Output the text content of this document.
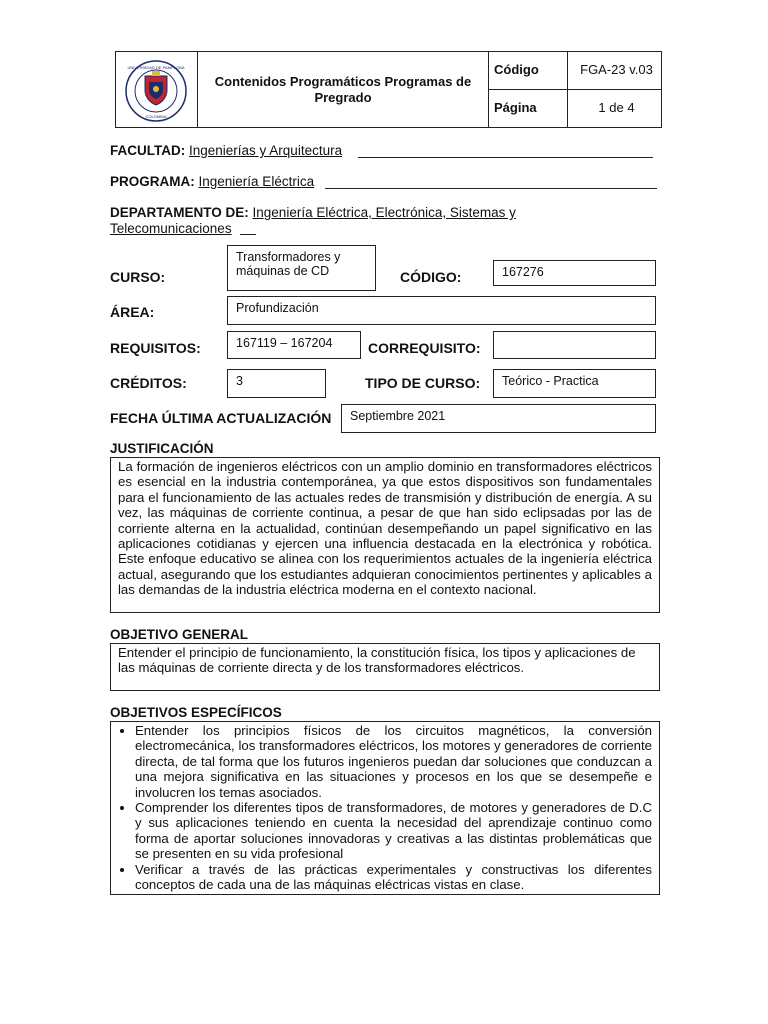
UNIVERSIDAD DE PAMPLONA
COLOMBIA
Contenidos Programáticos Programas de Pregrado
Código	FGA-23 v.03
Página	1 de 4
FACULTAD: Ingenierías y Arquitectura
PROGRAMA: Ingeniería Eléctrica
DEPARTAMENTO DE: Ingeniería Eléctrica, Electrónica, Sistemas y
Telecomunicaciones
CURSO:
Transformadores y máquinas de CD	CÓDIGO:	167276
ÁREA:	Profundización
REQUISITOS:	167119 – 167204	CORREQUISITO:
CRÉDITOS:	3	TIPO DE CURSO:	Teórico - Practica
FECHA ÚLTIMA ACTUALIZACIÓN	Septiembre 2021
JUSTIFICACIÓN
La formación de ingenieros eléctricos con un amplio dominio en transformadores eléctricos es esencial en la industria contemporánea, ya que estos dispositivos son fundamentales para el funcionamiento de las actuales redes de transmisión y distribución de energía. A su vez, las máquinas de corriente continua, a pesar de que han sido eclipsadas por las de corriente alterna en la actualidad, continúan desempeñando un papel significativo en las aplicaciones cotidianas y ejercen una influencia destacada en la electrónica y robótica. Este enfoque educativo se alinea con los requerimientos actuales de la ingeniería eléctrica actual, asegurando que los estudiantes adquieran conocimientos pertinentes y aplicables a las demandas de la industria eléctrica moderna en el contexto nacional.
OBJETIVO GENERAL
Entender el principio de funcionamiento, la constitución física, los tipos y aplicaciones de las máquinas de corriente directa y de los transformadores eléctricos.
OBJETIVOS ESPECÍFICOS
• Entender los principios físicos de los circuitos magnéticos, la conversión electromecánica, los transformadores eléctricos, los motores y generadores de corriente directa, de tal forma que los futuros ingenieros puedan dar soluciones que conduzcan a una mejora significativa en las situaciones y procesos en los que se desempeñe e involucren los temas asociados.
• Comprender los diferentes tipos de transformadores, de motores y generadores de D.C y sus aplicaciones teniendo en cuenta la necesidad del aprendizaje continuo como forma de aportar soluciones innovadoras y creativas a las distintas problemáticas que se presenten en su vida profesional
• Verificar a través de las prácticas experimentales y constructivas los diferentes conceptos de cada una de las máquinas eléctricas vistas en clase.
